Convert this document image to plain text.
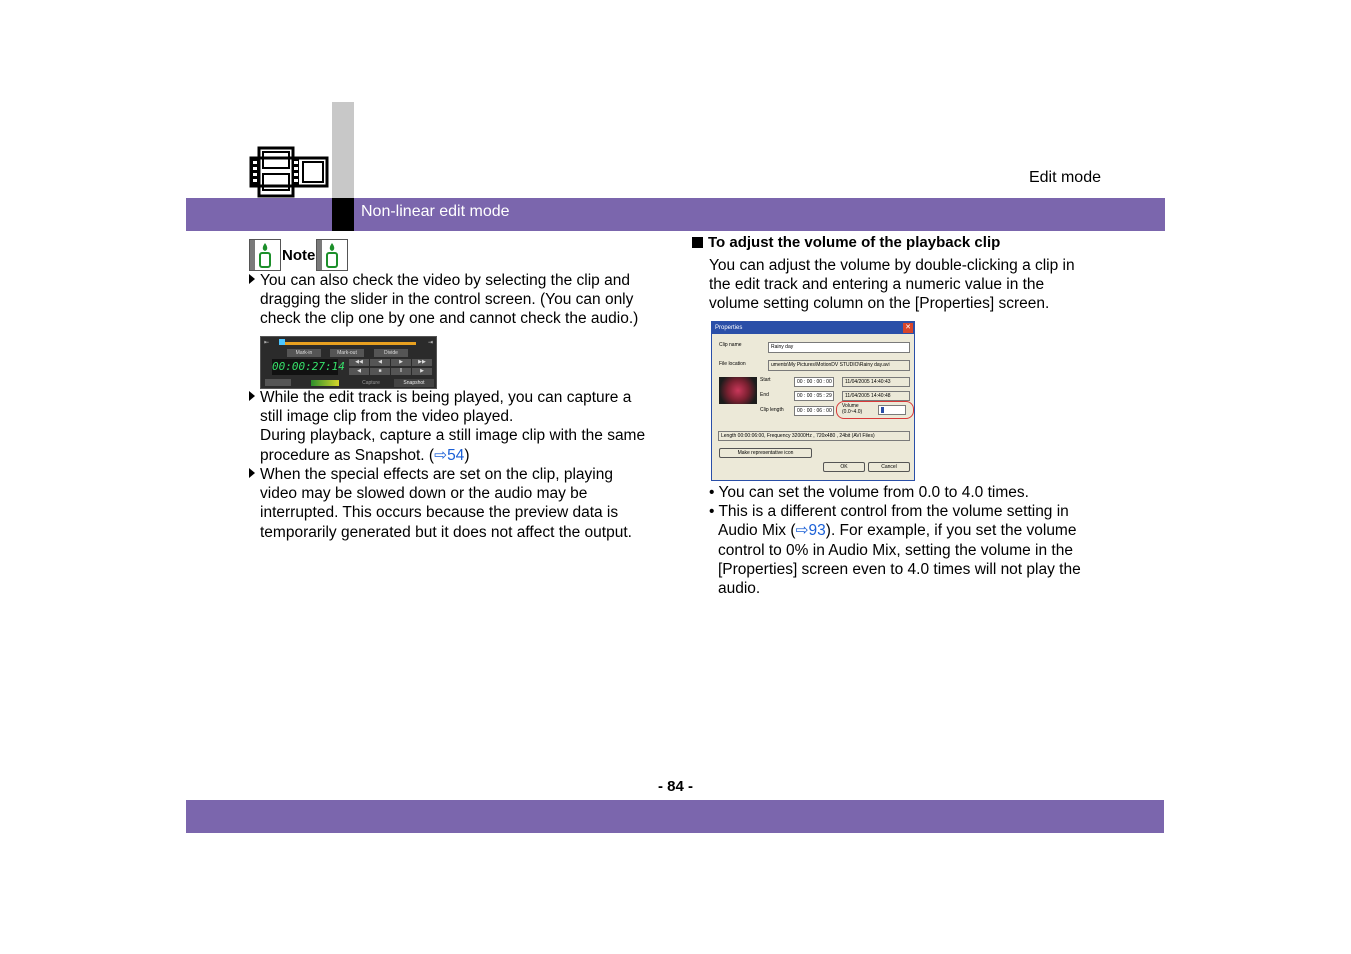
Edit mode
Non-linear edit mode
Note
You can also check the video by selecting the clip and
dragging the slider in the control screen. (You can only
check the clip one by one and cannot check the audio.)
⇤	⇥
Mark-in	Mark-out	Divide
00:00:27:14	◀◀	◀	▶	▶▶
◀	■	II	▶
Capture	Snapshot
While the edit track is being played, you can capture a
still image clip from the video played.
During playback, capture a still image clip with the same
procedure as Snapshot. (⇨54)
When the special effects are set on the clip, playing
video may be slowed down or the audio may be
interrupted. This occurs because the preview data is
temporarily generated but it does not affect the output.
To adjust the volume of the playback clip
You can adjust the volume by double-clicking a clip in
the edit track and entering a numeric value in the
volume setting column on the [Properties] screen.
Properties	✕
Clip name	Rainy day
File location	uments\My Pictures\MotionDV STUDIO\Rainy day.avi
Start	00 : 00 : 00 : 00	11/04/2005 14:40:43
End	00 : 00 : 05 : 29	11/04/2005 14:40:48
Clip length	00 : 00 : 06 : 00
Volume
(0.0~4.0)
Length 00:00:06:00, Frequency 32000Hz , 720x480 , 24bit (AVI Files)
Make representative icon
OK	Cancel
• You can set the volume from 0.0 to 4.0 times.
• This is a different control from the volume setting in
Audio Mix (⇨93). For example, if you set the volume
control to 0% in Audio Mix, setting the volume in the
[Properties] screen even to 4.0 times will not play the
audio.
- 84 -
